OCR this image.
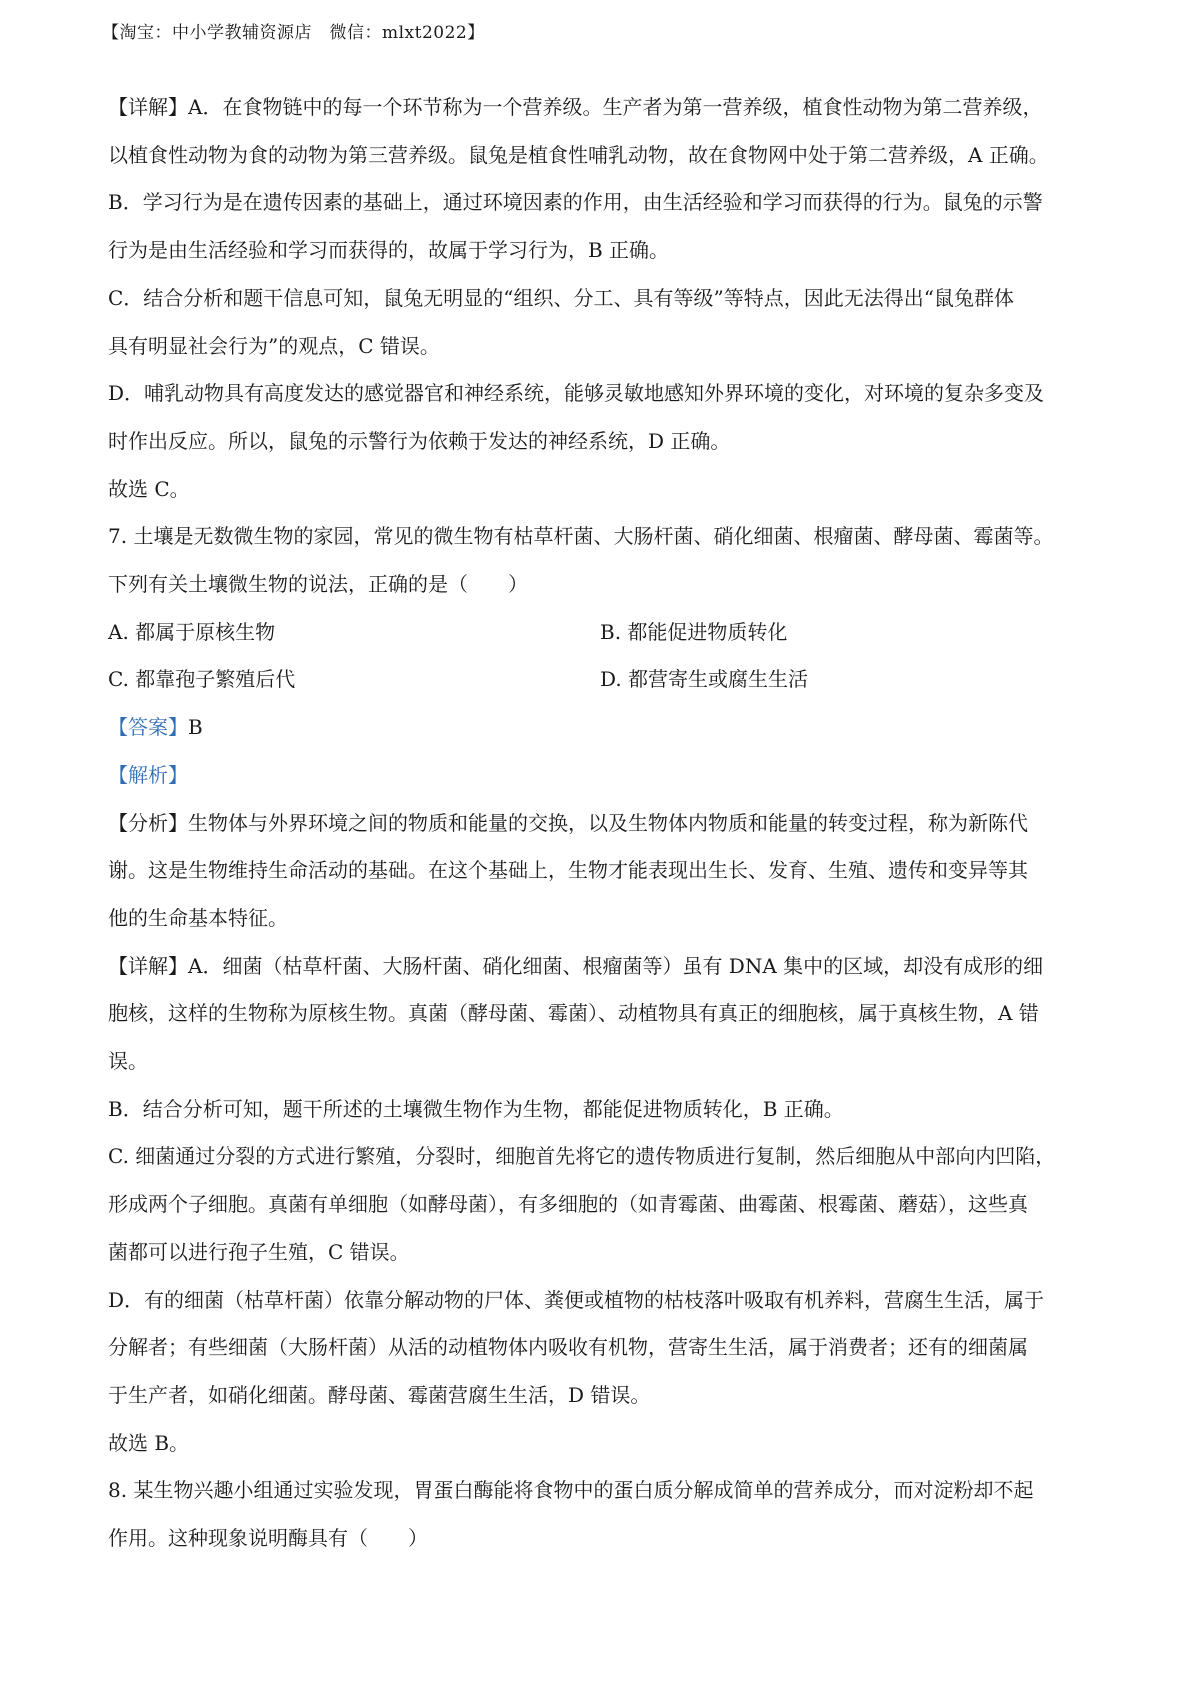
【淘宝：中小学教辅资源店　微信：mlxt2022】

【详解】A．在食物链中的每一个环节称为一个营养级。生产者为第一营养级，植食性动物为第二营养级，

以植食性动物为食的动物为第三营养级。鼠兔是植食性哺乳动物，故在食物网中处于第二营养级，A 正确。

B．学习行为是在遗传因素的基础上，通过环境因素的作用，由生活经验和学习而获得的行为。鼠兔的示警

行为是由生活经验和学习而获得的，故属于学习行为，B 正确。

C．结合分析和题干信息可知，鼠兔无明显的“组织、分工、具有等级”等特点，因此无法得出“鼠兔群体

具有明显社会行为”的观点，C 错误。

D．哺乳动物具有高度发达的感觉器官和神经系统，能够灵敏地感知外界环境的变化，对环境的复杂多变及

时作出反应。所以，鼠兔的示警行为依赖于发达的神经系统，D 正确。

故选 C。

7. 土壤是无数微生物的家园，常见的微生物有枯草杆菌、大肠杆菌、硝化细菌、根瘤菌、酵母菌、霉菌等。

下列有关土壤微生物的说法，正确的是（　　）

A. 都属于原核生物	B. 都能促进物质转化
C. 都靠孢子繁殖后代	D. 都营寄生或腐生生活

【答案】B

【解析】

【分析】生物体与外界环境之间的物质和能量的交换，以及生物体内物质和能量的转变过程，称为新陈代

谢。这是生物维持生命活动的基础。在这个基础上，生物才能表现出生长、发育、生殖、遗传和变异等其

他的生命基本特征。

【详解】A．细菌（枯草杆菌、大肠杆菌、硝化细菌、根瘤菌等）虽有 DNA 集中的区域，却没有成形的细

胞核，这样的生物称为原核生物。真菌（酵母菌、霉菌）、动植物具有真正的细胞核，属于真核生物，A 错

误。

B．结合分析可知，题干所述的土壤微生物作为生物，都能促进物质转化，B 正确。

C. 细菌通过分裂的方式进行繁殖，分裂时，细胞首先将它的遗传物质进行复制，然后细胞从中部向内凹陷，

形成两个子细胞。真菌有单细胞（如酵母菌），有多细胞的（如青霉菌、曲霉菌、根霉菌、蘑菇），这些真

菌都可以进行孢子生殖，C 错误。

D．有的细菌（枯草杆菌）依靠分解动物的尸体、粪便或植物的枯枝落叶吸取有机养料，营腐生生活，属于

分解者；有些细菌（大肠杆菌）从活的动植物体内吸收有机物，营寄生生活，属于消费者；还有的细菌属

于生产者，如硝化细菌。酵母菌、霉菌营腐生生活，D 错误。

故选 B。

8. 某生物兴趣小组通过实验发现，胃蛋白酶能将食物中的蛋白质分解成简单的营养成分，而对淀粉却不起

作用。这种现象说明酶具有（　　）
